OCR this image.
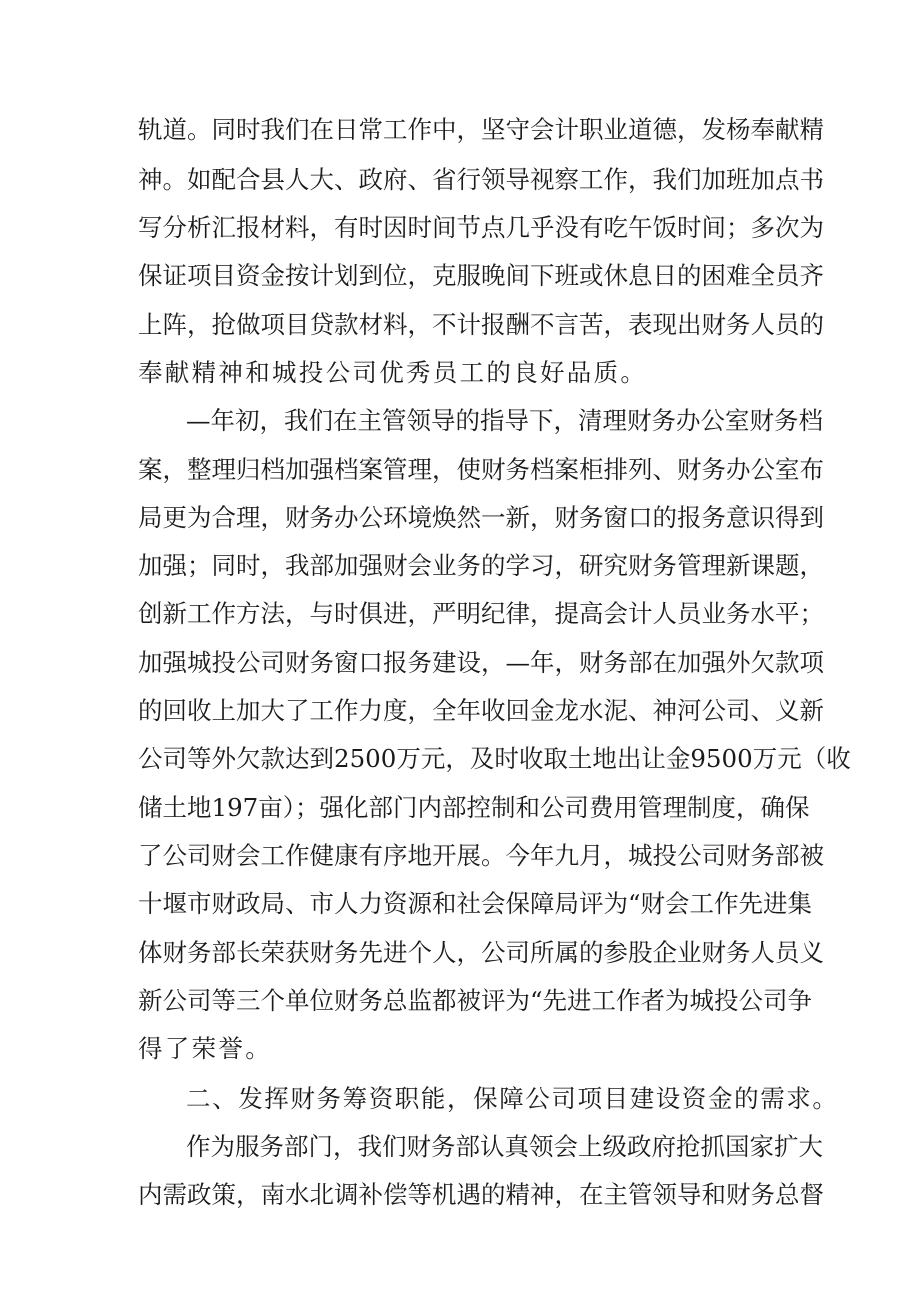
轨道。同时我们在日常工作中，坚守会计职业道德，发杨奉献精
神。如配合县人大、政府、省行领导视察工作，我们加班加点书
写分析汇报材料，有时因时间节点几乎没有吃午饭时间；多次为
保证项目资金按计划到位，克服晚间下班或休息日的困难全员齐
上阵，抢做项目贷款材料，不计报酬不言苦，表现出财务人员的
奉献精神和城投公司优秀员工的良好品质。
—年初，我们在主管领导的指导下，清理财务办公室财务档
案，整理归档加强档案管理，使财务档案柜排列、财务办公室布
局更为合理，财务办公环境焕然一新，财务窗口的报务意识得到
加强；同时，我部加强财会业务的学习，研究财务管理新课题，
创新工作方法，与时俱进，严明纪律，提高会计人员业务水平；
加强城投公司财务窗口报务建设，—年，财务部在加强外欠款项
的回收上加大了工作力度，全年收回金龙水泥、神河公司、义新
公司等外欠款达到2500万元，及时收取土地出让金9500万元（收
储土地197亩）；强化部门内部控制和公司费用管理制度，确保
了公司财会工作健康有序地开展。今年九月，城投公司财务部被
十堰市财政局、市人力资源和社会保障局评为“财会工作先进集
体财务部长荣获财务先进个人，公司所属的参股企业财务人员义
新公司等三个单位财务总监都被评为“先进工作者为城投公司争
得了荣誉。
二、发挥财务筹资职能，保障公司项目建设资金的需求。
作为服务部门，我们财务部认真领会上级政府抢抓国家扩大
内需政策，南水北调补偿等机遇的精神，在主管领导和财务总督
